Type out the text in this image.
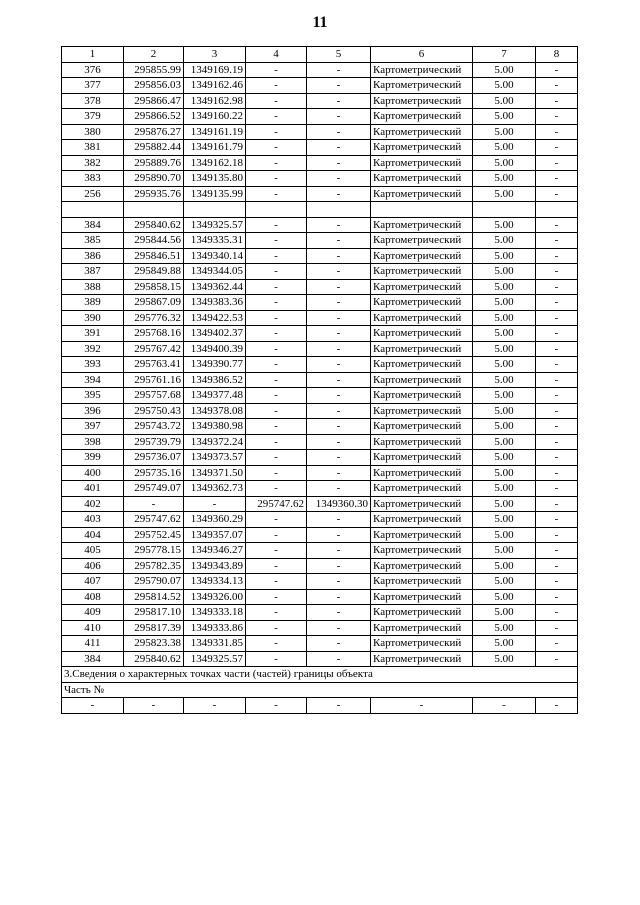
11
1	2	3	4	5	6	7	8
376	295855.99	1349169.19	-	-	Картометрический	5.00	-
377	295856.03	1349162.46	-	-	Картометрический	5.00	-
378	295866.47	1349162.98	-	-	Картометрический	5.00	-
379	295866.52	1349160.22	-	-	Картометрический	5.00	-
380	295876.27	1349161.19	-	-	Картометрический	5.00	-
381	295882.44	1349161.79	-	-	Картометрический	5.00	-
382	295889.76	1349162.18	-	-	Картометрический	5.00	-
383	295890.70	1349135.80	-	-	Картометрический	5.00	-
256	295935.76	1349135.99	-	-	Картометрический	5.00	-

384	295840.62	1349325.57	-	-	Картометрический	5.00	-
385	295844.56	1349335.31	-	-	Картометрический	5.00	-
386	295846.51	1349340.14	-	-	Картометрический	5.00	-
387	295849.88	1349344.05	-	-	Картометрический	5.00	-
388	295858.15	1349362.44	-	-	Картометрический	5.00	-
389	295867.09	1349383.36	-	-	Картометрический	5.00	-
390	295776.32	1349422.53	-	-	Картометрический	5.00	-
391	295768.16	1349402.37	-	-	Картометрический	5.00	-
392	295767.42	1349400.39	-	-	Картометрический	5.00	-
393	295763.41	1349390.77	-	-	Картометрический	5.00	-
394	295761.16	1349386.52	-	-	Картометрический	5.00	-
395	295757.68	1349377.48	-	-	Картометрический	5.00	-
396	295750.43	1349378.08	-	-	Картометрический	5.00	-
397	295743.72	1349380.98	-	-	Картометрический	5.00	-
398	295739.79	1349372.24	-	-	Картометрический	5.00	-
399	295736.07	1349373.57	-	-	Картометрический	5.00	-
400	295735.16	1349371.50	-	-	Картометрический	5.00	-
401	295749.07	1349362.73	-	-	Картометрический	5.00	-
402	-	-	295747.62	1349360.30	Картометрический	5.00	-
403	295747.62	1349360.29	-	-	Картометрический	5.00	-
404	295752.45	1349357.07	-	-	Картометрический	5.00	-
405	295778.15	1349346.27	-	-	Картометрический	5.00	-
406	295782.35	1349343.89	-	-	Картометрический	5.00	-
407	295790.07	1349334.13	-	-	Картометрический	5.00	-
408	295814.52	1349326.00	-	-	Картометрический	5.00	-
409	295817.10	1349333.18	-	-	Картометрический	5.00	-
410	295817.39	1349333.86	-	-	Картометрический	5.00	-
411	295823.38	1349331.85	-	-	Картометрический	5.00	-
384	295840.62	1349325.57	-	-	Картометрический	5.00	-
3.Сведения о характерных точках части (частей) границы объекта							
Часть №							
-	-	-	-	-	-	-	-
